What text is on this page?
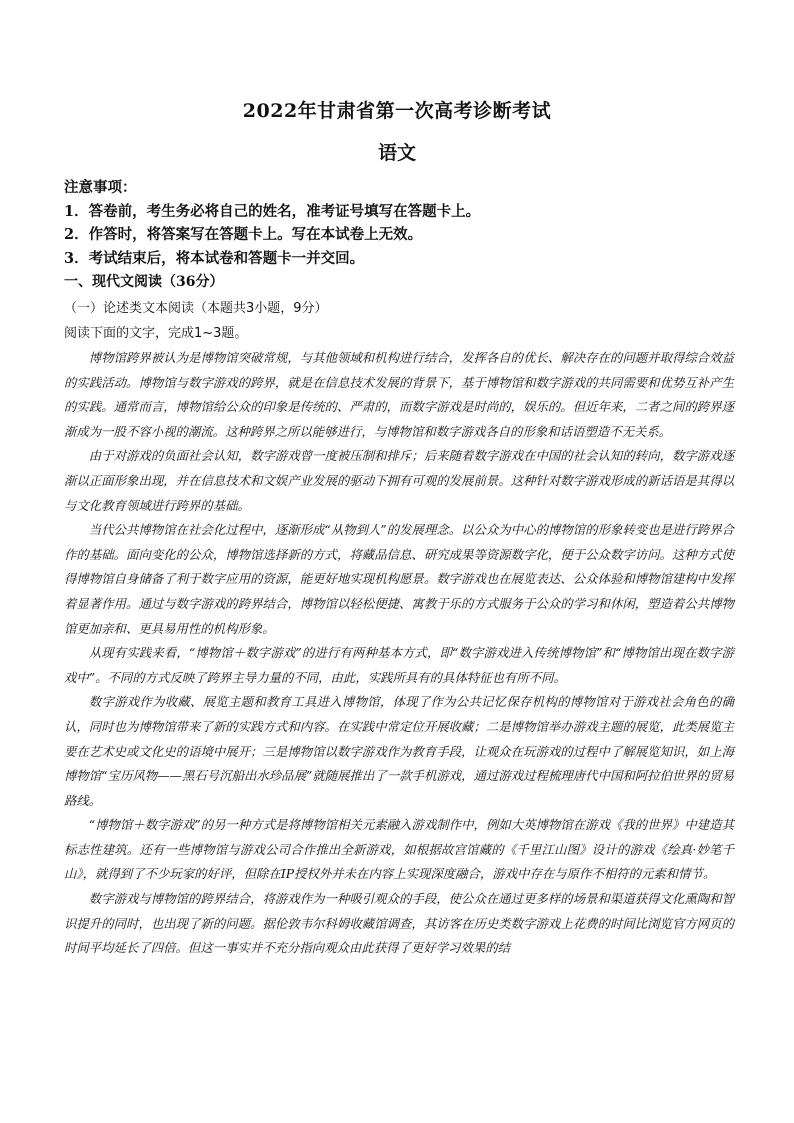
2022年甘肃省第一次高考诊断考试
语文
注意事项：
1．答卷前，考生务必将自己的姓名，准考证号填写在答题卡上。
2．作答时，将答案写在答题卡上。写在本试卷上无效。
3．考试结束后，将本试卷和答题卡一并交回。
一、现代文阅读（36分）
（一）论述类文本阅读（本题共3小题，9分）
阅读下面的文字，完成1~3题。

博物馆跨界被认为是博物馆突破常规，与其他领域和机构进行结合，发挥各自的优长、解决存在的问题并取得综合效益的实践活动。博物馆与数字游戏的跨界，就是在信息技术发展的背景下，基于博物馆和数字游戏的共同需要和优势互补产生的实践。通常而言，博物馆给公众的印象是传统的、严肃的，而数字游戏是时尚的，娱乐的。但近年来，二者之间的跨界逐渐成为一股不容小视的潮流。这种跨界之所以能够进行，与博物馆和数字游戏各自的形象和话语塑造不无关系。

由于对游戏的负面社会认知，数字游戏曾一度被压制和排斥；后来随着数字游戏在中国的社会认知的转向，数字游戏逐渐以正面形象出现，并在信息技术和文娱产业发展的驱动下拥有可观的发展前景。这种针对数字游戏形成的新话语是其得以与文化教育领域进行跨界的基础。

当代公共博物馆在社会化过程中，逐渐形成“从物到人”的发展理念。以公众为中心的博物馆的形象转变也是进行跨界合作的基础。面向变化的公众，博物馆选择新的方式，将藏品信息、研究成果等资源数字化，便于公众数字访问。这种方式使得博物馆自身储备了利于数字应用的资源，能更好地实现机构愿景。数字游戏也在展览表达、公众体验和博物馆建构中发挥着显著作用。通过与数字游戏的跨界结合，博物馆以轻松便捷、寓教于乐的方式服务于公众的学习和休闲，塑造着公共博物馆更加亲和、更具易用性的机构形象。

从现有实践来看，“博物馆＋数字游戏”的进行有两种基本方式，即“数字游戏进入传统博物馆”和“博物馆出现在数字游戏中”。不同的方式反映了跨界主导力量的不同，由此，实践所具有的具体特征也有所不同。

数字游戏作为收藏、展览主题和教育工具进入博物馆，体现了作为公共记忆保存机构的博物馆对于游戏社会角色的确认，同时也为博物馆带来了新的实践方式和内容。在实践中常定位开展收藏；二是博物馆举办游戏主题的展览，此类展览主要在艺术史或文化史的语境中展开；三是博物馆以数字游戏作为教育手段，让观众在玩游戏的过程中了解展览知识，如上海博物馆“宝历风物——黑石号沉船出水珍品展”就随展推出了一款手机游戏，通过游戏过程梳理唐代中国和阿拉伯世界的贸易路线。

“博物馆＋数字游戏”的另一种方式是将博物馆相关元素融入游戏制作中，例如大英博物馆在游戏《我的世界》中建造其标志性建筑。还有一些博物馆与游戏公司合作推出全新游戏，如根据故宫馆藏的《千里江山图》设计的游戏《绘真·妙笔千山》，就得到了不少玩家的好评，但除在IP授权外并未在内容上实现深度融合，游戏中存在与原作不相符的元素和情节。

数字游戏与博物馆的跨界结合，将游戏作为一种吸引观众的手段，使公众在通过更多样的场景和渠道获得文化熏陶和智识提升的同时，也出现了新的问题。据伦敦韦尔科姆收藏馆调查，其访客在历史类数字游戏上花费的时间比浏览官方网页的时间平均延长了四倍。但这一事实并不充分指向观众由此获得了更好学习效果的结
